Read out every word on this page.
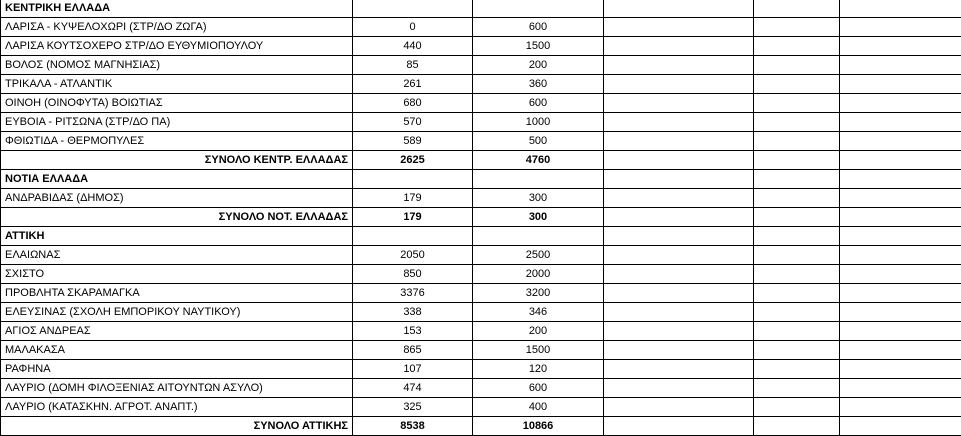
ΚΕΝΤΡΙΚΗ ΕΛΛΑΔΑ					
ΛΑΡΙΣΑ - ΚΥΨΕΛΟΧΩΡΙ (ΣΤΡ/ΔΟ ΖΩΓΑ)	0	600			
ΛΑΡΙΣΑ ΚΟΥΤΣΟΧΕΡΟ ΣΤΡ/ΔΟ ΕΥΘΥΜΙΟΠΟΥΛΟΥ	440	1500			
ΒΟΛΟΣ (ΝΟΜΟΣ ΜΑΓΝΗΣΙΑΣ)	85	200			
ΤΡΙΚΑΛΑ - ΑΤΛΑΝΤΙΚ	261	360			
ΟΙΝΟΗ (ΟΙΝΟΦΥΤΑ) ΒΟΙΩΤΙΑΣ	680	600			
ΕΥΒΟΙΑ - ΡΙΤΣΩΝΑ (ΣΤΡ/ΔΟ ΠΑ)	570	1000			
ΦΘΙΩΤΙΔΑ - ΘΕΡΜΟΠΥΛΕΣ	589	500			
ΣΥΝΟΛΟ ΚΕΝΤΡ. ΕΛΛΑΔΑΣ	2625	4760			
ΝΟΤΙΑ ΕΛΛΑΔΑ					
ΑΝΔΡΑΒΙΔΑΣ (ΔΗΜΟΣ)	179	300			
ΣΥΝΟΛΟ ΝΟΤ. ΕΛΛΑΔΑΣ	179	300			
ΑΤΤΙΚΗ					
ΕΛΑΙΩΝΑΣ	2050	2500			
ΣΧΙΣΤΟ	850	2000			
ΠΡΟΒΛΗΤΑ ΣΚΑΡΑΜΑΓΚΑ	3376	3200			
ΕΛΕΥΣΙΝΑΣ (ΣΧΟΛΗ ΕΜΠΟΡΙΚΟΥ ΝΑΥΤΙΚΟΥ)	338	346			
ΑΓΙΟΣ ΑΝΔΡΕΑΣ	153	200			
ΜΑΛΑΚΑΣΑ	865	1500			
ΡΑΦΗΝΑ	107	120			
ΛΑΥΡΙΟ (ΔΟΜΗ ΦΙΛΟΞΕΝΙΑΣ ΑΙΤΟΥΝΤΩΝ ΑΣΥΛΟ)	474	600			
ΛΑΥΡΙΟ (ΚΑΤΑΣΚΗΝ. ΑΓΡΟΤ. ΑΝΑΠΤ.)	325	400			
ΣΥΝΟΛΟ ΑΤΤΙΚΗΣ	8538	10866			
